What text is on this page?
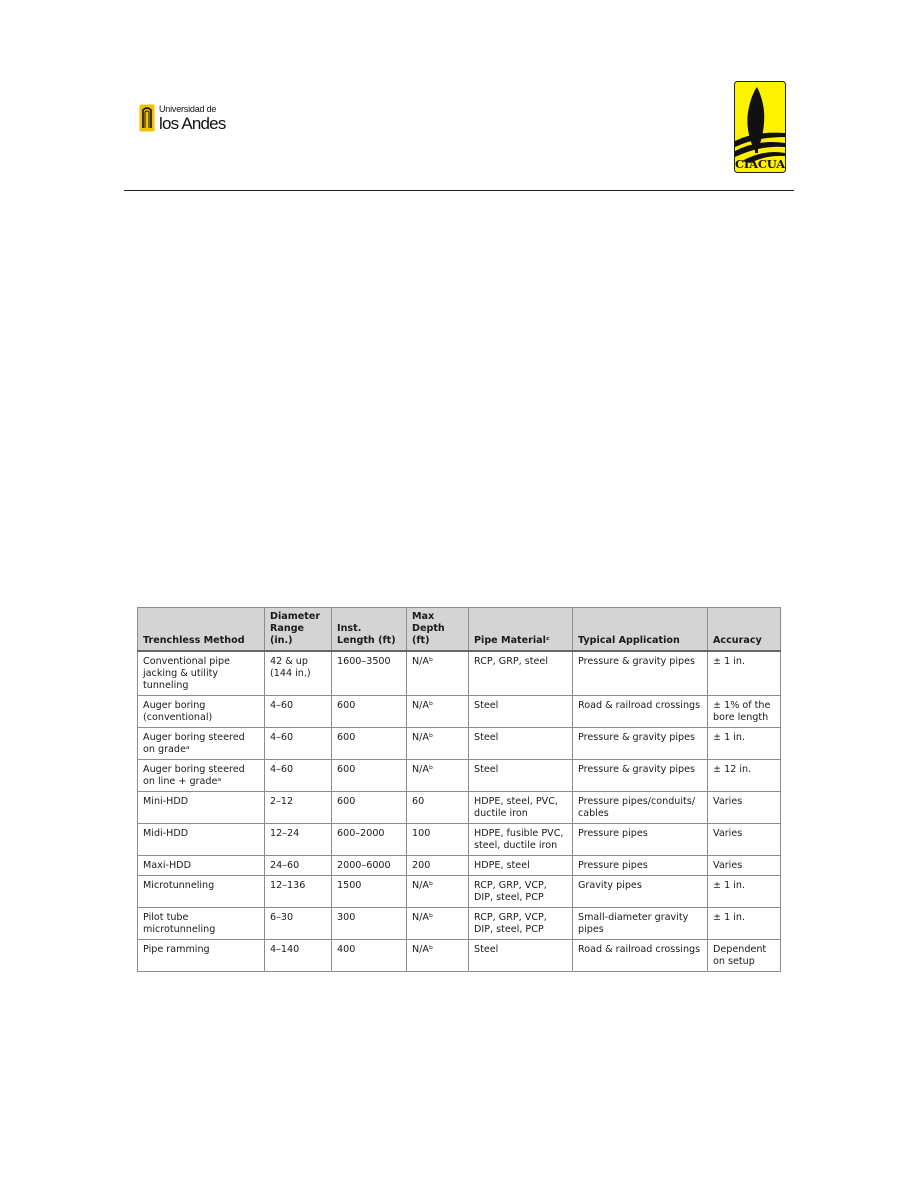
Universidad de
los Andes
CIACUA
Trenchless Method	Diameter Range (in.)	Inst. Length (ft)	Max Depth (ft)	Pipe Materialᶜ	Typical Application	Accuracy
Conventional pipe jacking & utility tunneling	42 & up (144 in.)	1600–3500	N/Aᵇ	RCP, GRP, steel	Pressure & gravity pipes	± 1 in.
Auger boring (conventional)	4–60	600	N/Aᵇ	Steel	Road & railroad crossings	± 1% of the bore length
Auger boring steered on gradeᵃ	4–60	600	N/Aᵇ	Steel	Pressure & gravity pipes	± 1 in.
Auger boring steered on line + gradeᵃ	4–60	600	N/Aᵇ	Steel	Pressure & gravity pipes	± 12 in.
Mini-HDD	2–12	600	60	HDPE, steel, PVC, ductile iron	Pressure pipes/conduits/ cables	Varies
Midi-HDD	12–24	600–2000	100	HDPE, fusible PVC, steel, ductile iron	Pressure pipes	Varies
Maxi-HDD	24–60	2000–6000	200	HDPE, steel	Pressure pipes	Varies
Microtunneling	12–136	1500	N/Aᵇ	RCP, GRP, VCP, DIP, steel, PCP	Gravity pipes	± 1 in.
Pilot tube microtunneling	6–30	300	N/Aᵇ	RCP, GRP, VCP, DIP, steel, PCP	Small-diameter gravity pipes	± 1 in.
Pipe ramming	4–140	400	N/Aᵇ	Steel	Road & railroad crossings	Dependent on setup
